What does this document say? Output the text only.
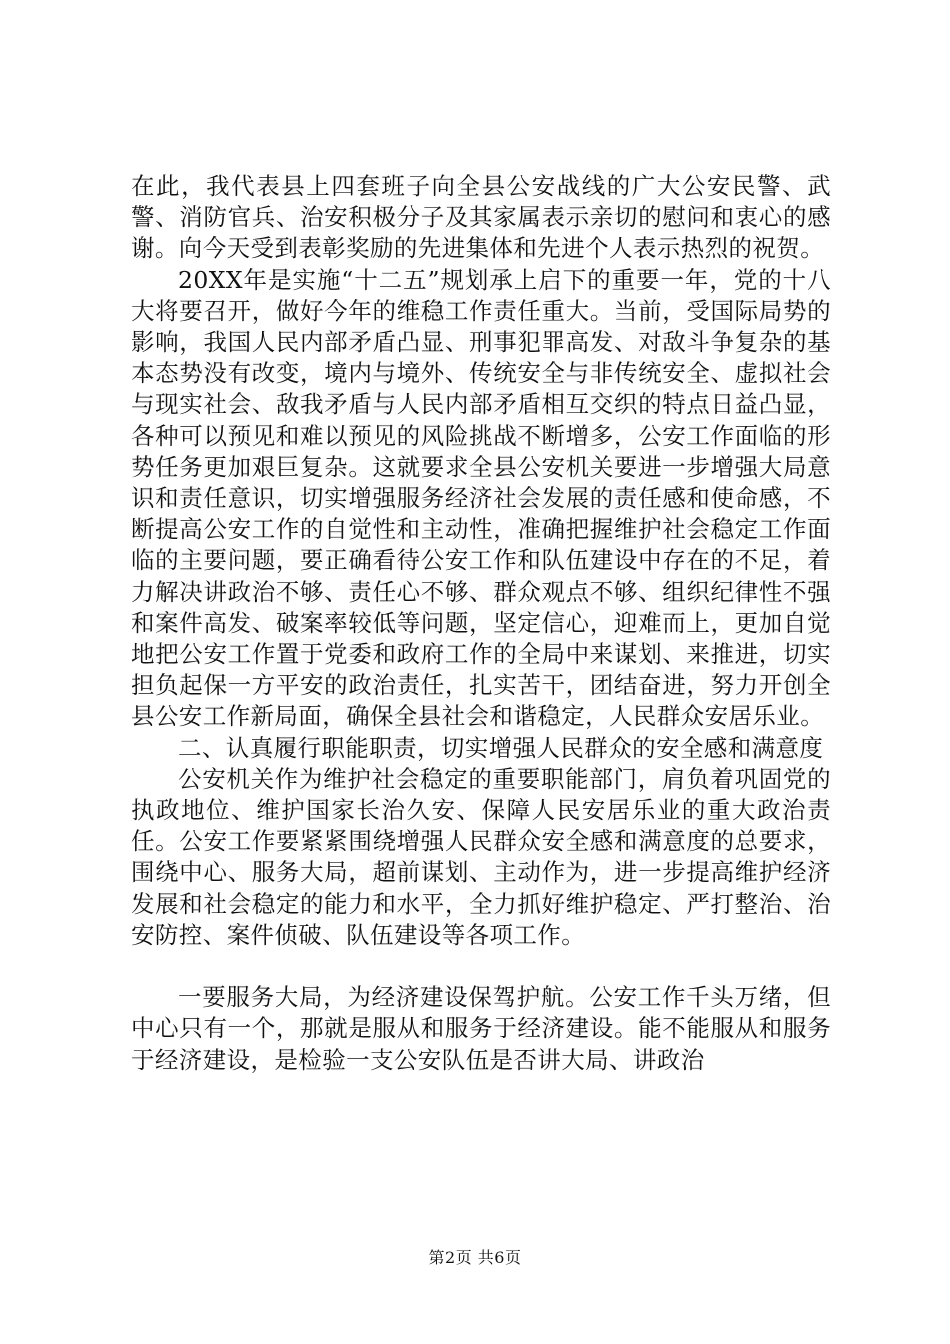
在此，我代表县上四套班子向全县公安战线的广大公安民警、武警、消防官兵、治安积极分子及其家属表示亲切的慰问和衷心的感谢。向今天受到表彰奖励的先进集体和先进个人表示热烈的祝贺。

20XX年是实施“十二五”规划承上启下的重要一年，党的十八大将要召开，做好今年的维稳工作责任重大。当前，受国际局势的影响，我国人民内部矛盾凸显、刑事犯罪高发、对敌斗争复杂的基本态势没有改变，境内与境外、传统安全与非传统安全、虚拟社会与现实社会、敌我矛盾与人民内部矛盾相互交织的特点日益凸显，各种可以预见和难以预见的风险挑战不断增多，公安工作面临的形势任务更加艰巨复杂。这就要求全县公安机关要进一步增强大局意识和责任意识，切实增强服务经济社会发展的责任感和使命感，不断提高公安工作的自觉性和主动性，准确把握维护社会稳定工作面临的主要问题，要正确看待公安工作和队伍建设中存在的不足，着力解决讲政治不够、责任心不够、群众观点不够、组织纪律性不强和案件高发、破案率较低等问题，坚定信心，迎难而上，更加自觉地把公安工作置于党委和政府工作的全局中来谋划、来推进，切实担负起保一方平安的政治责任，扎实苦干，团结奋进，努力开创全县公安工作新局面，确保全县社会和谐稳定，人民群众安居乐业。

二、认真履行职能职责，切实增强人民群众的安全感和满意度

公安机关作为维护社会稳定的重要职能部门，肩负着巩固党的执政地位、维护国家长治久安、保障人民安居乐业的重大政治责任。公安工作要紧紧围绕增强人民群众安全感和满意度的总要求，围绕中心、服务大局，超前谋划、主动作为，进一步提高维护经济发展和社会稳定的能力和水平，全力抓好维护稳定、严打整治、治安防控、案件侦破、队伍建设等各项工作。

一要服务大局，为经济建设保驾护航。公安工作千头万绪，但中心只有一个，那就是服从和服务于经济建设。能不能服从和服务于经济建设，是检验一支公安队伍是否讲大局、讲政治

第2页 共6页
